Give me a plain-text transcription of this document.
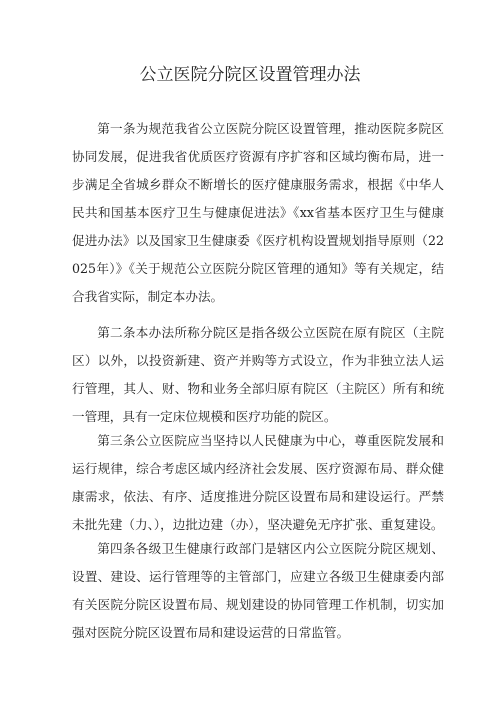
公立医院分院区设置管理办法

第一条为规范我省公立医院分院区设置管理，推动医院多院区协同发展，促进我省优质医疗资源有序扩容和区域均衡布局，进一步满足全省城乡群众不断增长的医疗健康服务需求，根据《中华人民共和国基本医疗卫生与健康促进法》《xx省基本医疗卫生与健康促进办法》以及国家卫生健康委《医疗机构设置规划指导原则（22025年）》《关于规范公立医院分院区管理的通知》等有关规定，结合我省实际，制定本办法。

第二条本办法所称分院区是指各级公立医院在原有院区（主院区）以外，以投资新建、资产并购等方式设立，作为非独立法人运行管理，其人、财、物和业务全部归原有院区（主院区）所有和统一管理，具有一定床位规模和医疗功能的院区。

第三条公立医院应当坚持以人民健康为中心，尊重医院发展和运行规律，综合考虑区域内经济社会发展、医疗资源布局、群众健康需求，依法、有序、适度推进分院区设置布局和建设运行。严禁未批先建（力、），边批边建（办），坚决避免无序扩张、重复建设。

第四条各级卫生健康行政部门是辖区内公立医院分院区规划、设置、建设、运行管理等的主管部门，应建立各级卫生健康委内部有关医院分院区设置布局、规划建设的协同管理工作机制，切实加强对医院分院区设置布局和建设运营的日常监管。
